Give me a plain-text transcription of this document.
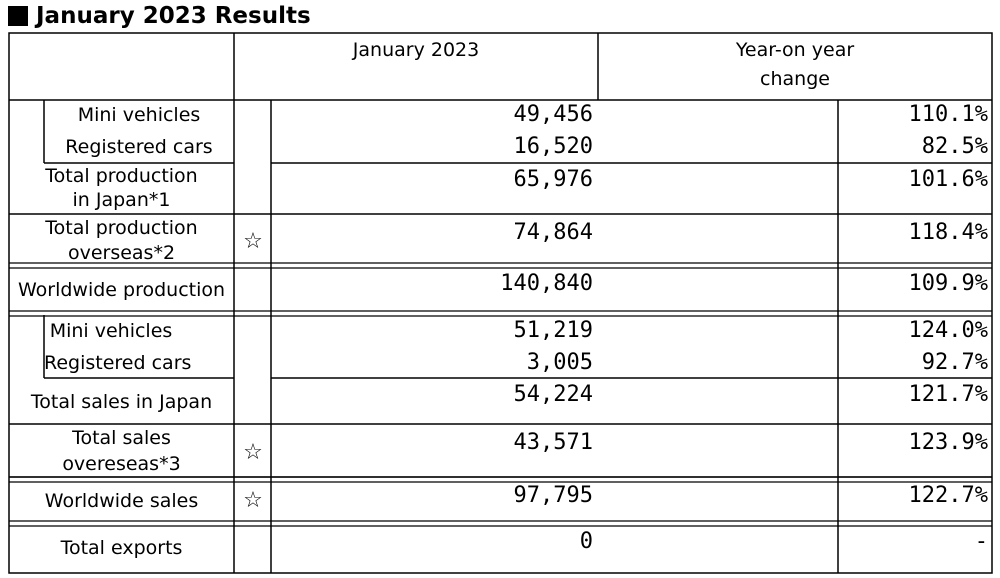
January 2023 Results
January 2023	Year-on year
change
Mini vehicles	49,456	110.1%
Registered cars	16,520	82.5%
Total production
in Japan*1
65,976	101.6%
Total production
overseas*2	☆	74,864	118.4%
Worldwide production	140,840	109.9%
Mini vehicles	51,219	124.0%
Registered cars	3,005	92.7%
Total sales in Japan	54,224	121.7%
Total sales
overeseas*3	☆	43,571	123.9%
Worldwide sales	☆	97,795	122.7%
Total exports	0	-
